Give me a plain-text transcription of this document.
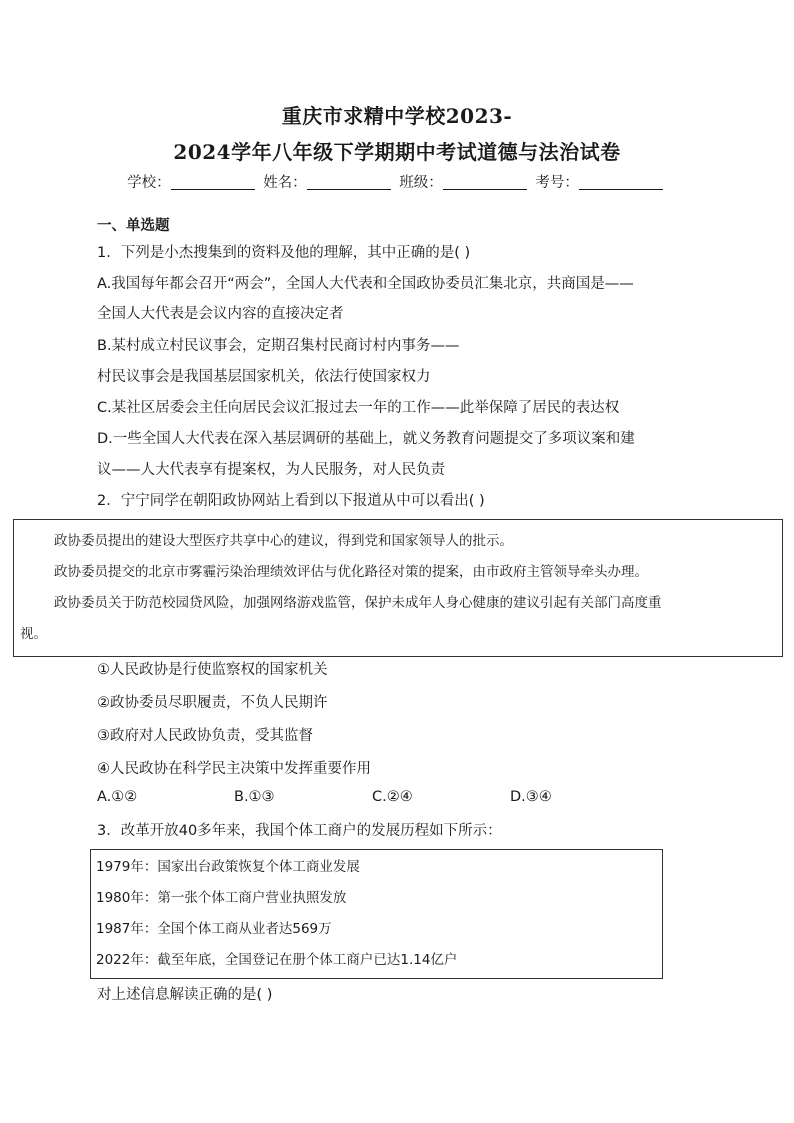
重庆市求精中学校2023-
2024学年八年级下学期期中考试道德与法治试卷
学校：	姓名：	班级：	考号：
一、单选题
1．下列是小杰搜集到的资料及他的理解，其中正确的是( )
A.我国每年都会召开“两会”，全国人大代表和全国政协委员汇集北京，共商国是——
全国人大代表是会议内容的直接决定者
B.某村成立村民议事会，定期召集村民商讨村内事务——
村民议事会是我国基层国家机关，依法行使国家权力
C.某社区居委会主任向居民会议汇报过去一年的工作——此举保障了居民的表达权
D.一些全国人大代表在深入基层调研的基础上，就义务教育问题提交了多项议案和建
议——人大代表享有提案权，为人民服务，对人民负责
2．宁宁同学在朝阳政协网站上看到以下报道从中可以看出( )
政协委员提出的建设大型医疗共享中心的建议，得到党和国家领导人的批示。
政协委员提交的北京市雾霾污染治理绩效评估与优化路径对策的提案，由市政府主管领导牵头办理。
政协委员关于防范校园贷风险，加强网络游戏监管，保护未成年人身心健康的建议引起有关部门高度重
视。
①人民政协是行使监察权的国家机关
②政协委员尽职履责，不负人民期许
③政府对人民政协负责，受其监督
④人民政协在科学民主决策中发挥重要作用
A.①②	B.①③	C.②④	D.③④
3．改革开放40多年来，我国个体工商户的发展历程如下所示：
1979年：国家出台政策恢复个体工商业发展
1980年：第一张个体工商户营业执照发放
1987年：全国个体工商从业者达569万
2022年：截至年底，全国登记在册个体工商户已达1.14亿户
对上述信息解读正确的是( )
